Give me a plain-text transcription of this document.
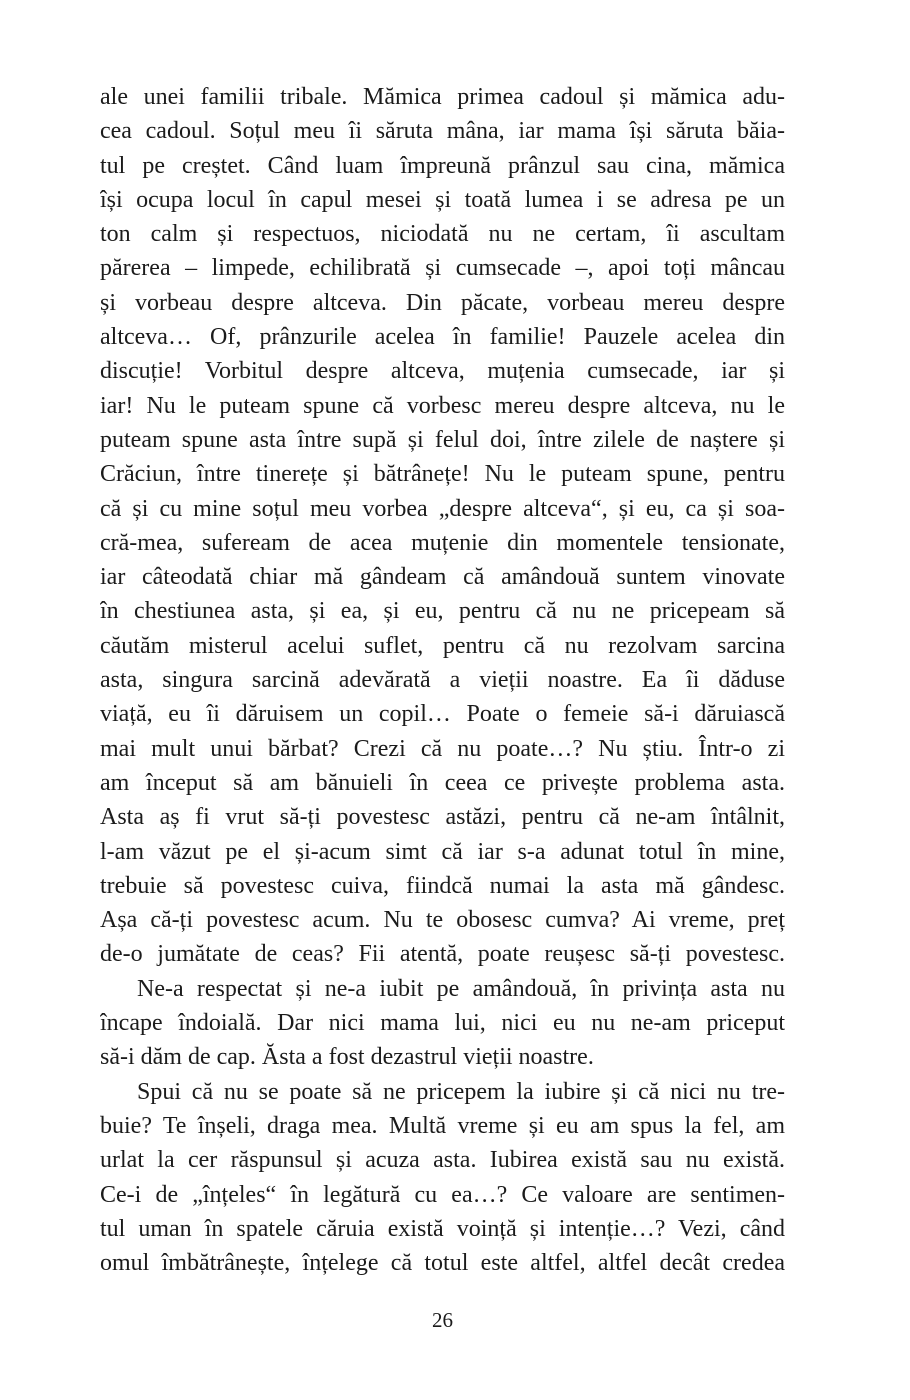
ale unei familii tribale. Mămica primea cadoul și mămica adu-
cea cadoul. Soțul meu îi săruta mâna, iar mama își săruta băia-
tul pe creștet. Când luam împreună prânzul sau cina, mămica
își ocupa locul în capul mesei și toată lumea i se adresa pe un
ton calm și respectuos, niciodată nu ne certam, îi ascultam
părerea – limpede, echilibrată și cumsecade –, apoi toți mâncau
și vorbeau despre altceva. Din păcate, vorbeau mereu despre
altceva… Of, prânzurile acelea în familie! Pauzele acelea din
discuție! Vorbitul despre altceva, muțenia cumsecade, iar și
iar! Nu le puteam spune că vorbesc mereu despre altceva, nu le
puteam spune asta între supă și felul doi, între zilele de naștere și
Crăciun, între tinerețe și bătrânețe! Nu le puteam spune, pentru
că și cu mine soțul meu vorbea „despre altceva“, și eu, ca și soa-
cră-mea, sufeream de acea muțenie din momentele tensionate,
iar câteodată chiar mă gândeam că amândouă suntem vinovate
în chestiunea asta, și ea, și eu, pentru că nu ne pricepeam să
căutăm misterul acelui suflet, pentru că nu rezolvam sarcina
asta, singura sarcină adevărată a vieții noastre. Ea îi dăduse
viață, eu îi dăruisem un copil… Poate o femeie să-i dăruiască
mai mult unui bărbat? Crezi că nu poate…? Nu știu. Într-o zi
am început să am bănuieli în ceea ce privește problema asta.
Asta aș fi vrut să-ți povestesc astăzi, pentru că ne-am întâlnit,
l-am văzut pe el și-acum simt că iar s-a adunat totul în mine,
trebuie să povestesc cuiva, fiindcă numai la asta mă gândesc.
Așa că-ți povestesc acum. Nu te obosesc cumva? Ai vreme, preț
de-o jumătate de ceas? Fii atentă, poate reușesc să-ți povestesc.
Ne-a respectat și ne-a iubit pe amândouă, în privința asta nu
încape îndoială. Dar nici mama lui, nici eu nu ne-am priceput
să-i dăm de cap. Ăsta a fost dezastrul vieții noastre.
Spui că nu se poate să ne pricepem la iubire și că nici nu tre-
buie? Te înșeli, draga mea. Multă vreme și eu am spus la fel, am
urlat la cer răspunsul și acuza asta. Iubirea există sau nu există.
Ce-i de „înțeles“ în legătură cu ea…? Ce valoare are sentimen-
tul uman în spatele căruia există voință și intenție…? Vezi, când
omul îmbătrânește, înțelege că totul este altfel, altfel decât credea
26
